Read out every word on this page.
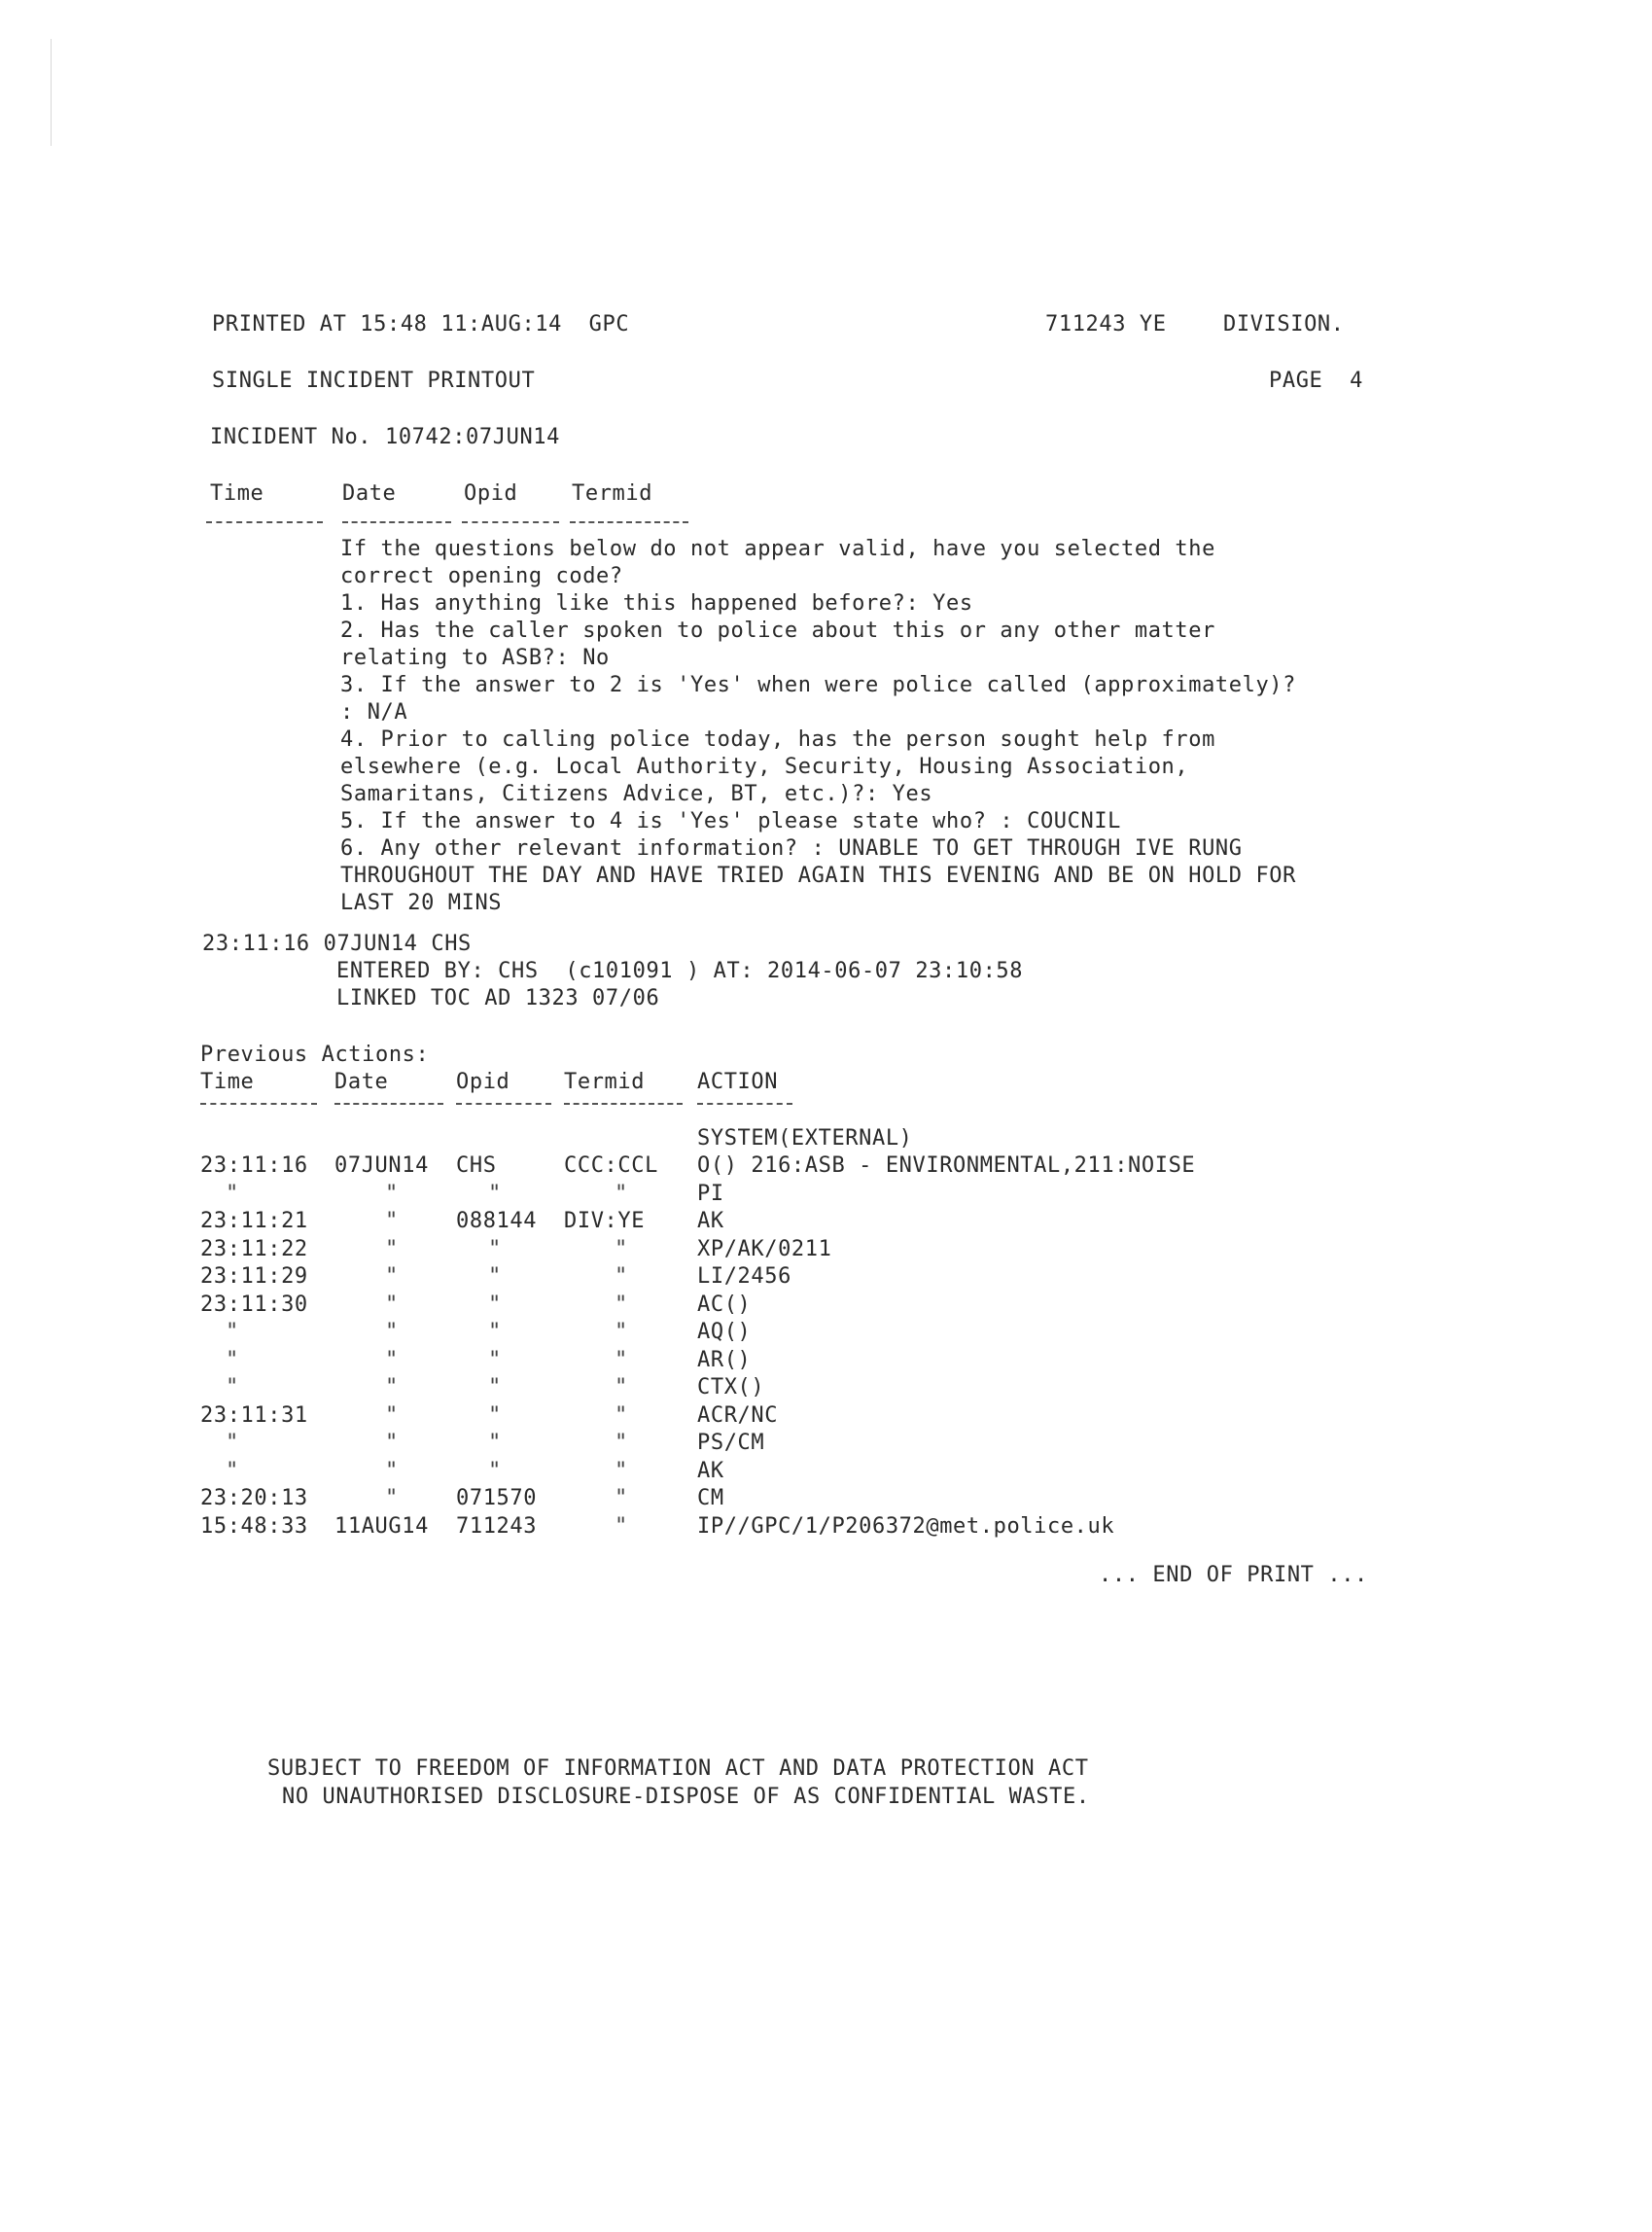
PRINTED AT 15:48 11:AUG:14  GPC	711243 YE	DIVISION.
SINGLE INCIDENT PRINTOUT	PAGE  4
INCIDENT No. 10742:07JUN14
Time	Date	Opid	Termid
If the questions below do not appear valid, have you selected the
correct opening code?
1. Has anything like this happened before?: Yes
2. Has the caller spoken to police about this or any other matter
relating to ASB?: No
3. If the answer to 2 is 'Yes' when were police called (approximately)?
: N/A
4. Prior to calling police today, has the person sought help from
elsewhere (e.g. Local Authority, Security, Housing Association,
Samaritans, Citizens Advice, BT, etc.)?: Yes
5. If the answer to 4 is 'Yes' please state who? : COUCNIL
6. Any other relevant information? : UNABLE TO GET THROUGH IVE RUNG
THROUGHOUT THE DAY AND HAVE TRIED AGAIN THIS EVENING AND BE ON HOLD FOR
LAST 20 MINS
23:11:16 07JUN14 CHS
ENTERED BY: CHS  (c101091 ) AT: 2014-06-07 23:10:58
LINKED TOC AD 1323 07/06
Previous Actions:
Time	Date	Opid	Termid ACTION
SYSTEM(EXTERNAL)
23:11:16 07JUN14 CHS	CCC:CCL O() 216:ASB - ENVIRONMENTAL,211:NOISE
"	"	"	"	PI
23:11:21	"	088144 DIV:YE AK
23:11:22	"	"	"	XP/AK/0211
23:11:29	"	"	"	LI/2456
23:11:30	"	"	"	AC()
"	"	"	"	AQ()
"	"	"	"	AR()
"	"	"	"	CTX()
23:11:31	"	"	"	ACR/NC
"	"	"	"	PS/CM
"	"	"	"	AK
23:20:13	"	071570	"	CM
15:48:33 11AUG14 711243	"	IP//GPC/1/P206372@met.police.uk
... END OF PRINT ...
SUBJECT TO FREEDOM OF INFORMATION ACT AND DATA PROTECTION ACT
NO UNAUTHORISED DISCLOSURE-DISPOSE OF AS CONFIDENTIAL WASTE.
